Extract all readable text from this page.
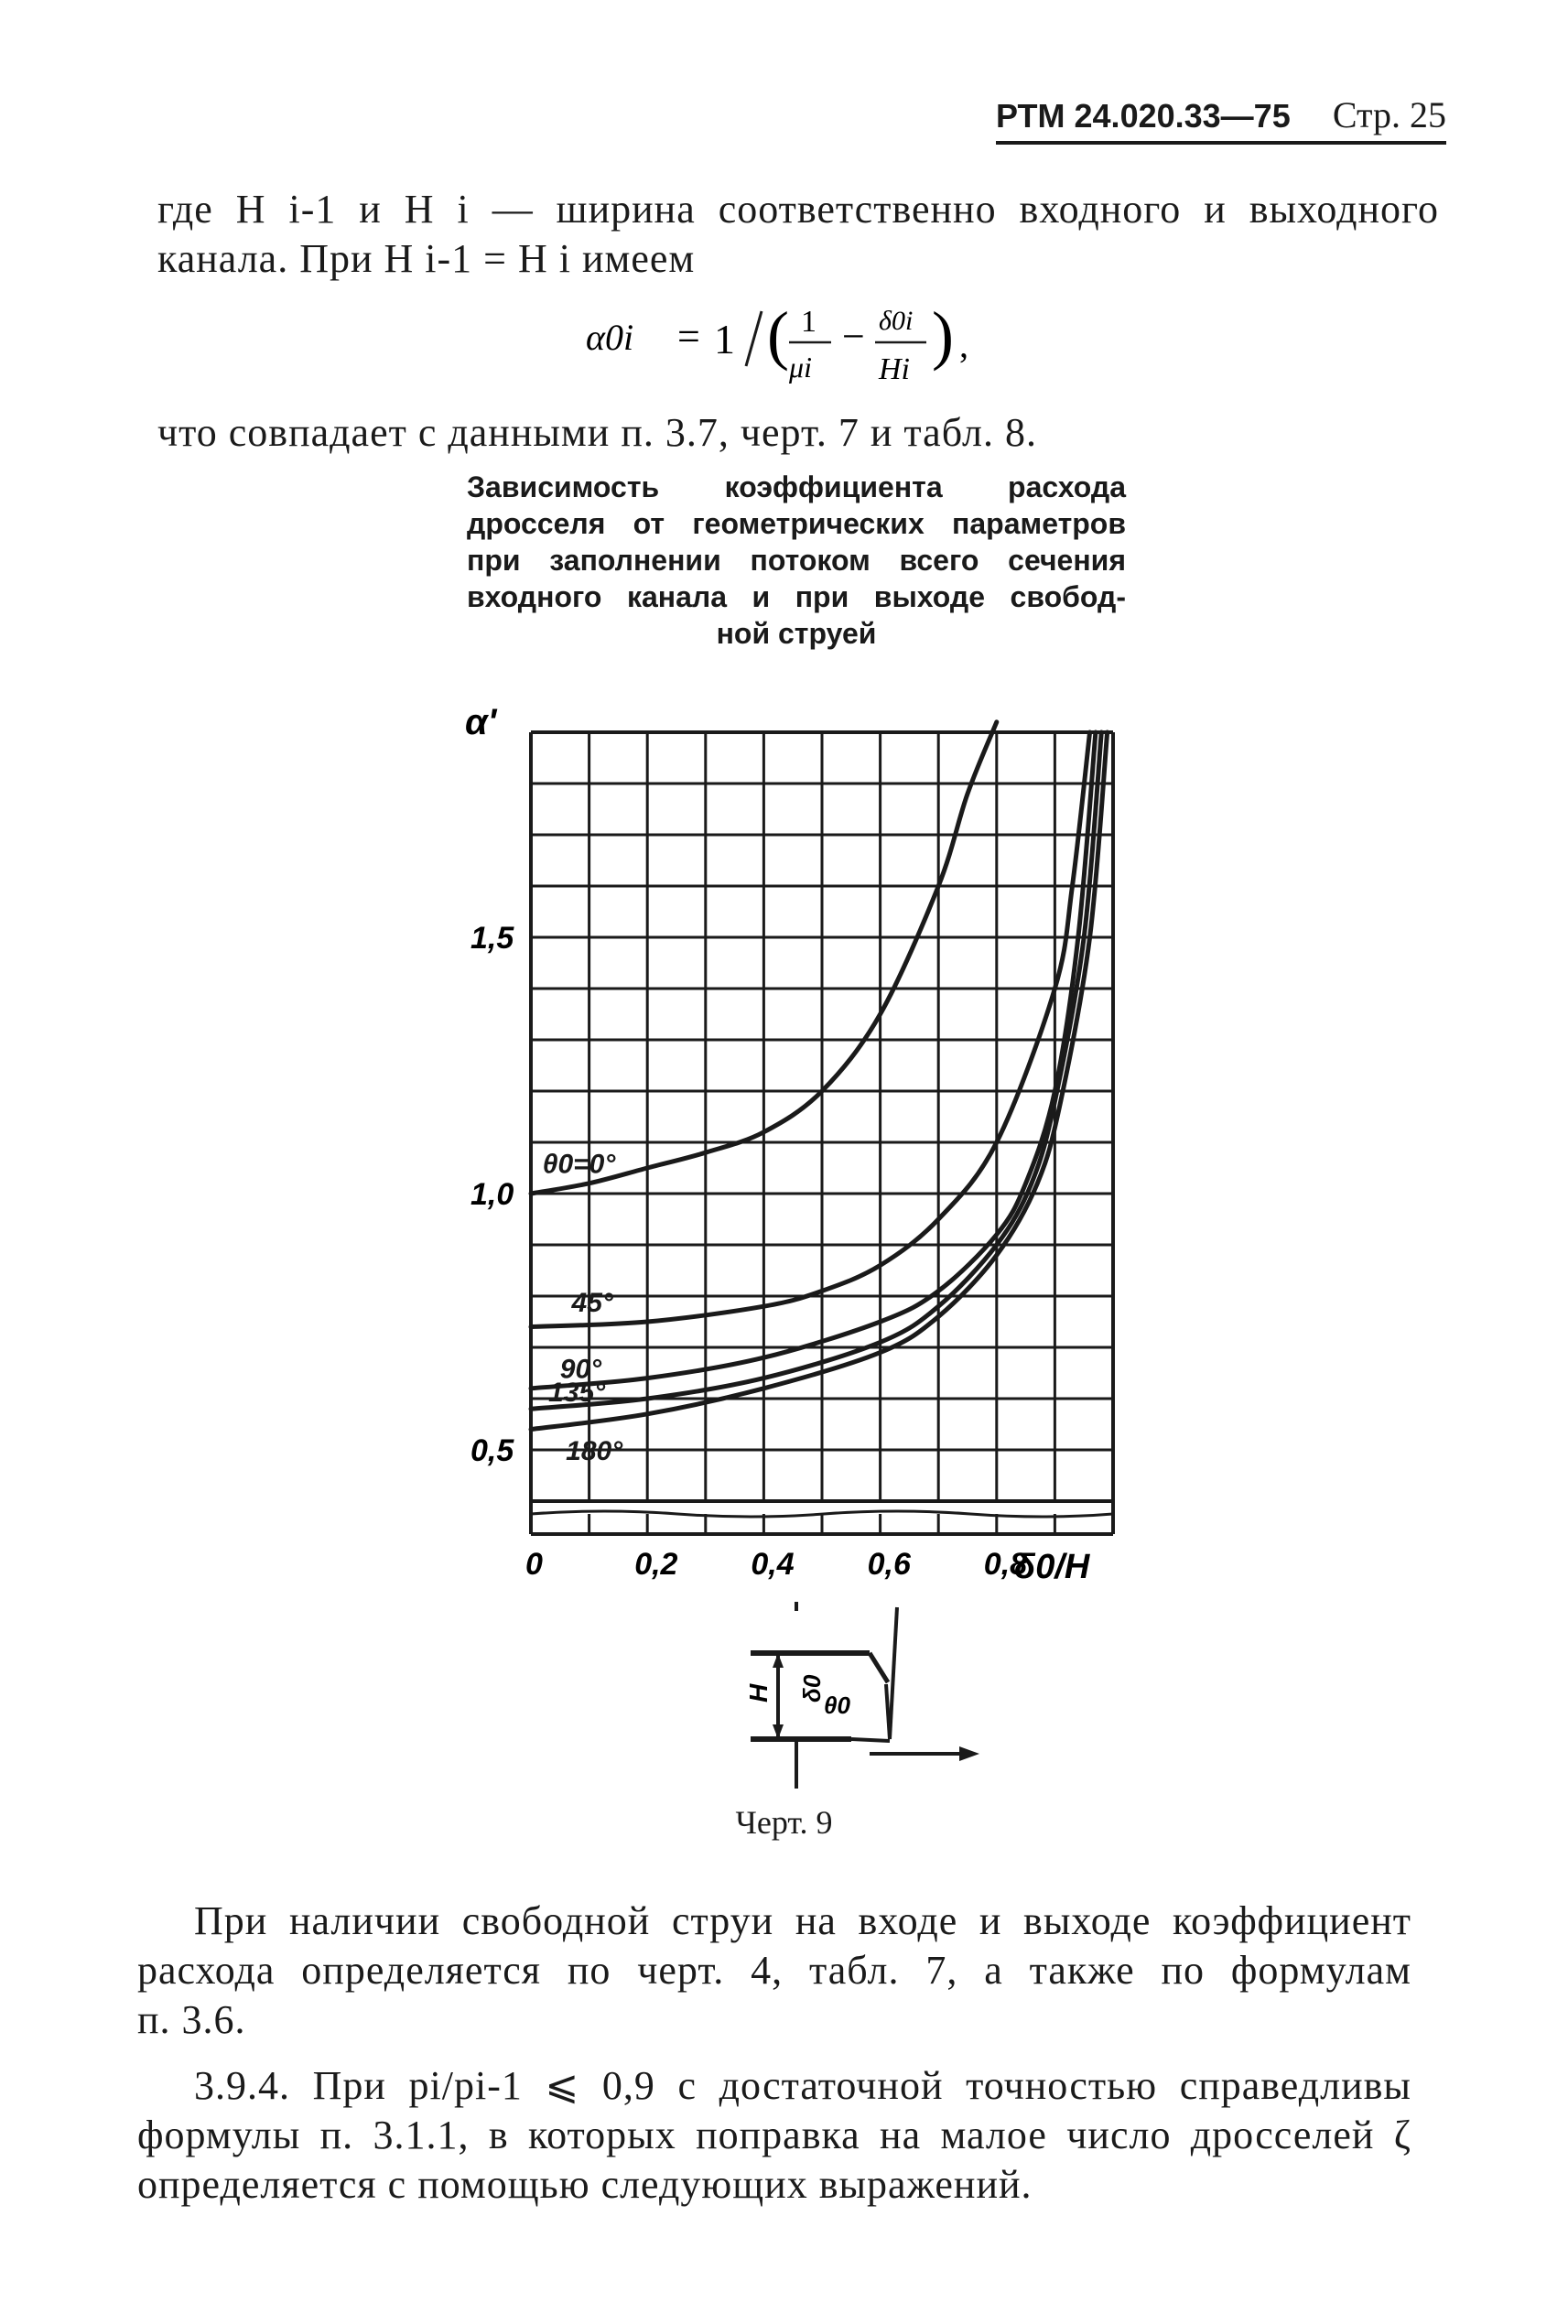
РТМ 24.020.33—75 Стр. 25
где H i-1 и H i — ширина соответственно входного и выходного
канала. При H i-1 = H i имеем
α0i = 1 ( 1
μi
− δ0i
Hi ) ,
что совпадает с данными п. 3.7, черт. 7 и табл. 8.
Зависимость коэффициента расхода
дросселя от геометрических параметров
при заполнении потоком всего сечения
входного канала и при выходе свобод-
ной струей
θ0=0°
45°
90°
135°
180°
0	0,2 0,4 0,6 0,8
0,5
1,0
1,5
α'
δ0/H
H δ0
θ0
Черт. 9
При наличии свободной струи на входе и выходе коэффициент
расхода определяется по черт. 4, табл. 7, а также по формулам
п. 3.6.
3.9.4. При pi/pi-1 ⩽ 0,9 с достаточной точностью справедливы
формулы п. 3.1.1, в которых поправка на малое число дросселей ζ
определяется с помощью следующих выражений.
